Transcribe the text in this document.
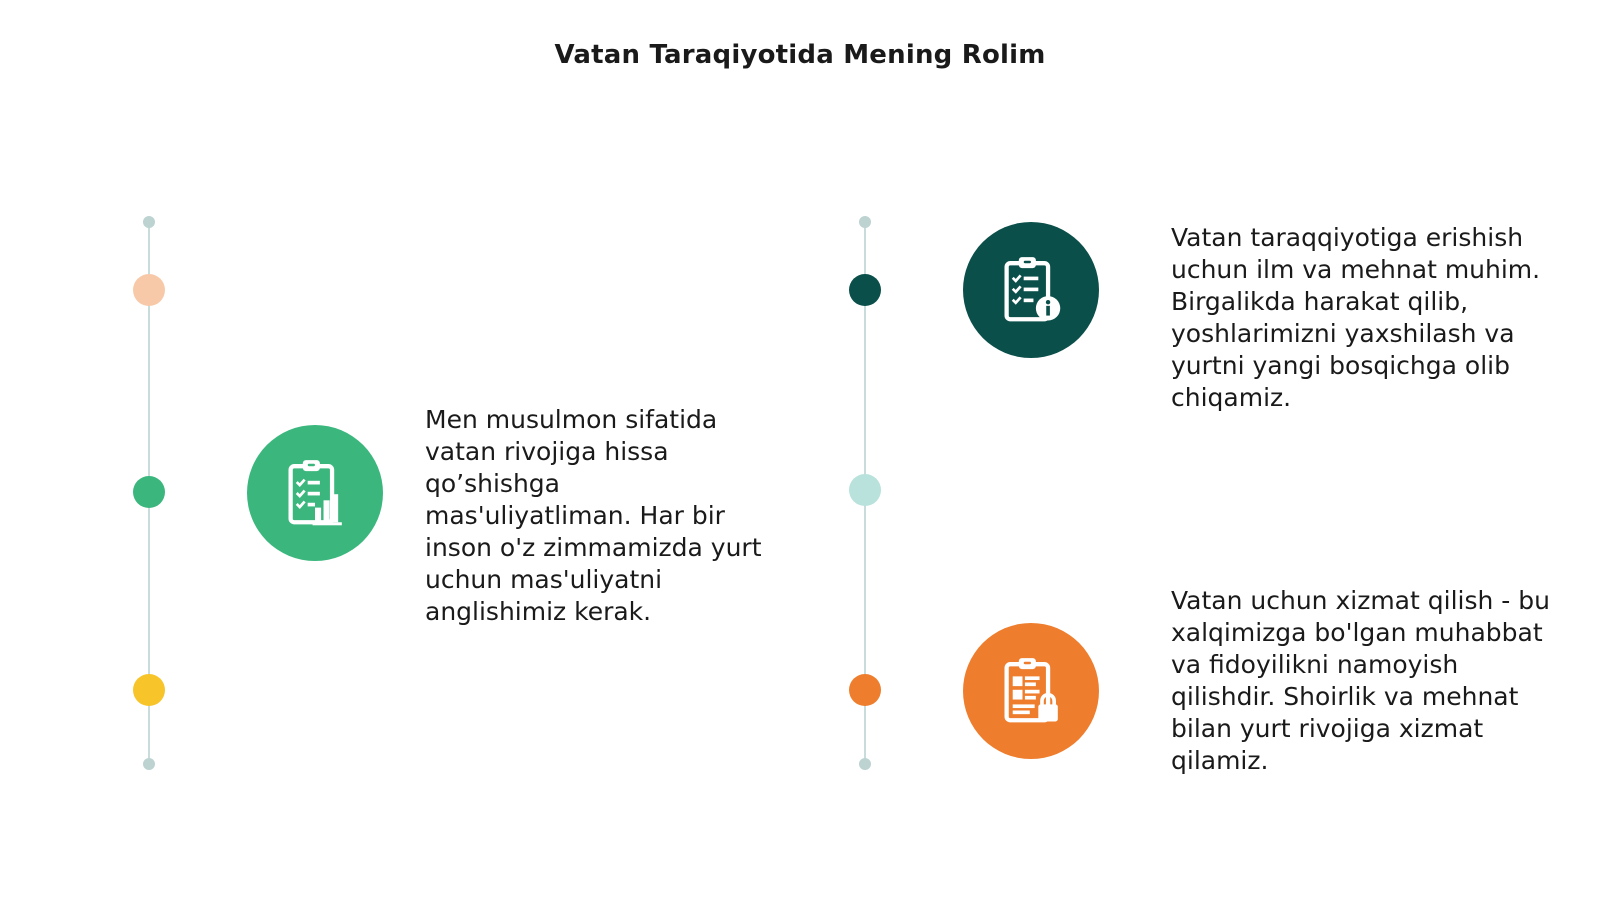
Vatan Taraqiyotida Mening Rolim

Men musulmon sifatida vatan rivojiga hissa qo’shishga mas'uliyatliman. Har bir inson o'z zimmamizda yurt uchun mas'uliyatni anglishimiz kerak.

Vatan taraqqiyotiga erishish uchun ilm va mehnat muhim. Birgalikda harakat qilib, yoshlarimizni yaxshilash va yurtni yangi bosqichga olib chiqamiz.

Vatan uchun xizmat qilish - bu xalqimizga bo'lgan muhabbat va fidoyilikni namoyish qilishdir. Shoirlik va mehnat bilan yurt rivojiga xizmat qilamiz.
